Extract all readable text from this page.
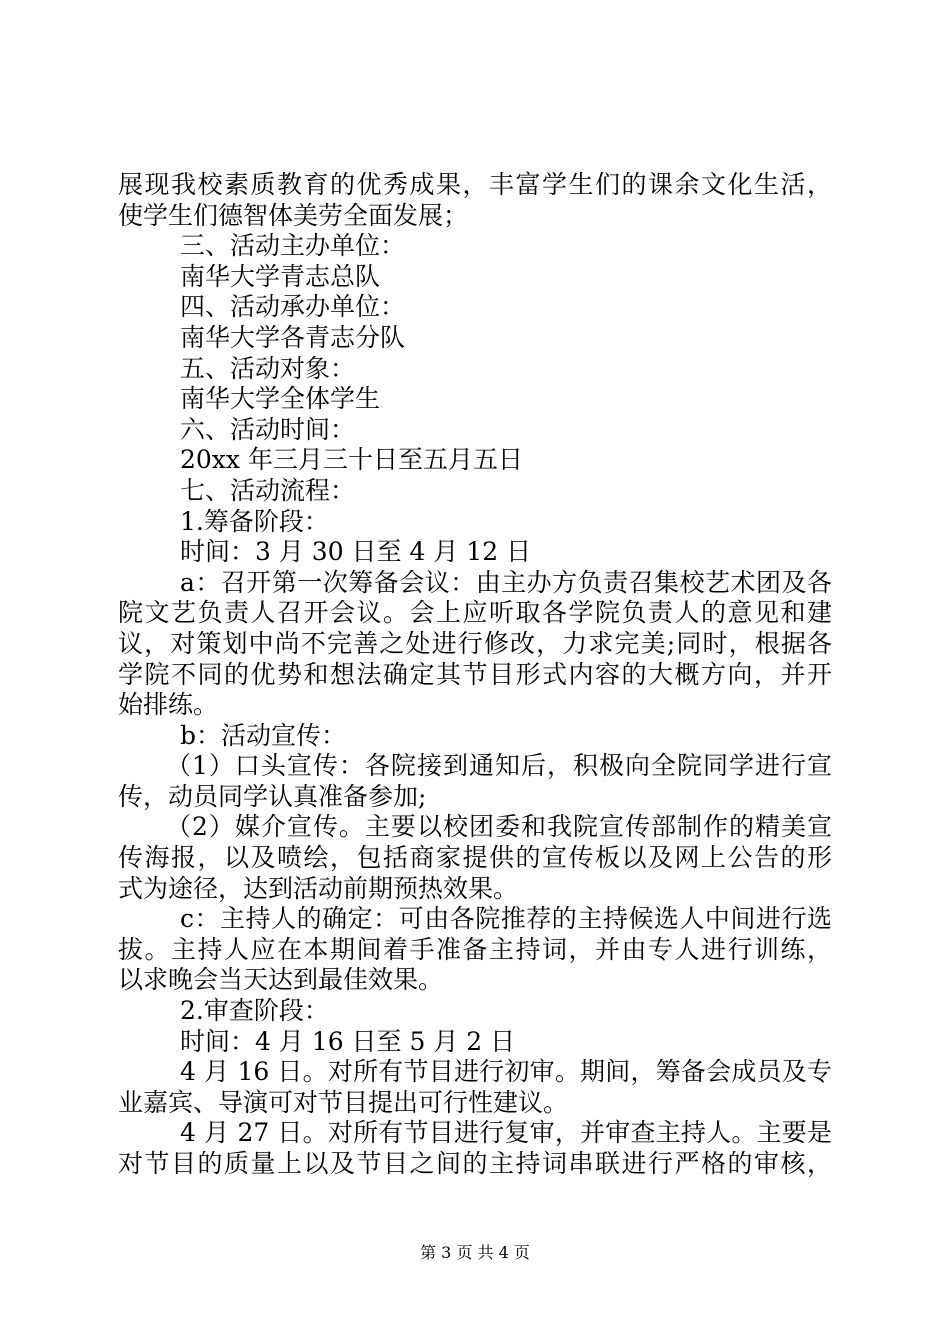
展现我校素质教育的优秀成果，丰富学生们的课余文化生活，
使学生们德智体美劳全面发展；
三、活动主办单位：
南华大学青志总队
四、活动承办单位：
南华大学各青志分队
五、活动对象：
南华大学全体学生
六、活动时间：
20xx 年三月三十日至五月五日
七、活动流程：
1.筹备阶段：
时间：3 月 30 日至 4 月 12 日
a：召开第一次筹备会议：由主办方负责召集校艺术团及各
院文艺负责人召开会议。会上应听取各学院负责人的意见和建
议，对策划中尚不完善之处进行修改，力求完美;同时，根据各
学院不同的优势和想法确定其节目形式内容的大概方向，并开
始排练。
b：活动宣传：
（1）口头宣传：各院接到通知后，积极向全院同学进行宣
传，动员同学认真准备参加;
（2）媒介宣传。主要以校团委和我院宣传部制作的精美宣
传海报，以及喷绘，包括商家提供的宣传板以及网上公告的形
式为途径，达到活动前期预热效果。
c：主持人的确定：可由各院推荐的主持候选人中间进行选
拔。主持人应在本期间着手准备主持词，并由专人进行训练，
以求晚会当天达到最佳效果。
2.审查阶段：
时间：4 月 16 日至 5 月 2 日
4 月 16 日。对所有节目进行初审。期间，筹备会成员及专
业嘉宾、导演可对节目提出可行性建议。
4 月 27 日。对所有节目进行复审，并审查主持人。主要是
对节目的质量上以及节目之间的主持词串联进行严格的审核，
第 3 页 共 4 页
